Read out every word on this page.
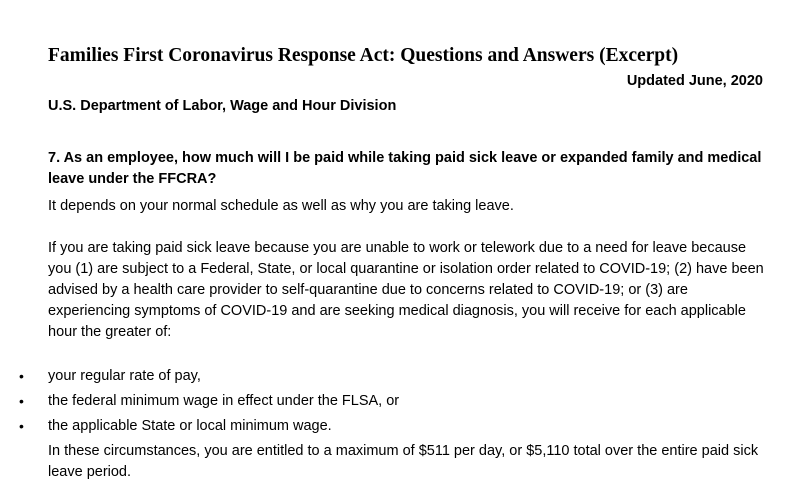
Families First Coronavirus Response Act: Questions and Answers (Excerpt)
Updated June, 2020
U.S. Department of Labor, Wage and Hour Division
7. As an employee, how much will I be paid while taking paid sick leave or expanded family and medical leave under the FFCRA?
It depends on your normal schedule as well as why you are taking leave.
If you are taking paid sick leave because you are unable to work or telework due to a need for leave because you (1) are subject to a Federal, State, or local quarantine or isolation order related to COVID-19; (2) have been advised by a health care provider to self-quarantine due to concerns related to COVID-19; or (3) are experiencing symptoms of COVID-19 and are seeking medical diagnosis, you will receive for each applicable hour the greater of:
• your regular rate of pay,
• the federal minimum wage in effect under the FLSA, or
• the applicable State or local minimum wage.
In these circumstances, you are entitled to a maximum of $511 per day, or $5,110 total over the entire paid sick leave period.
